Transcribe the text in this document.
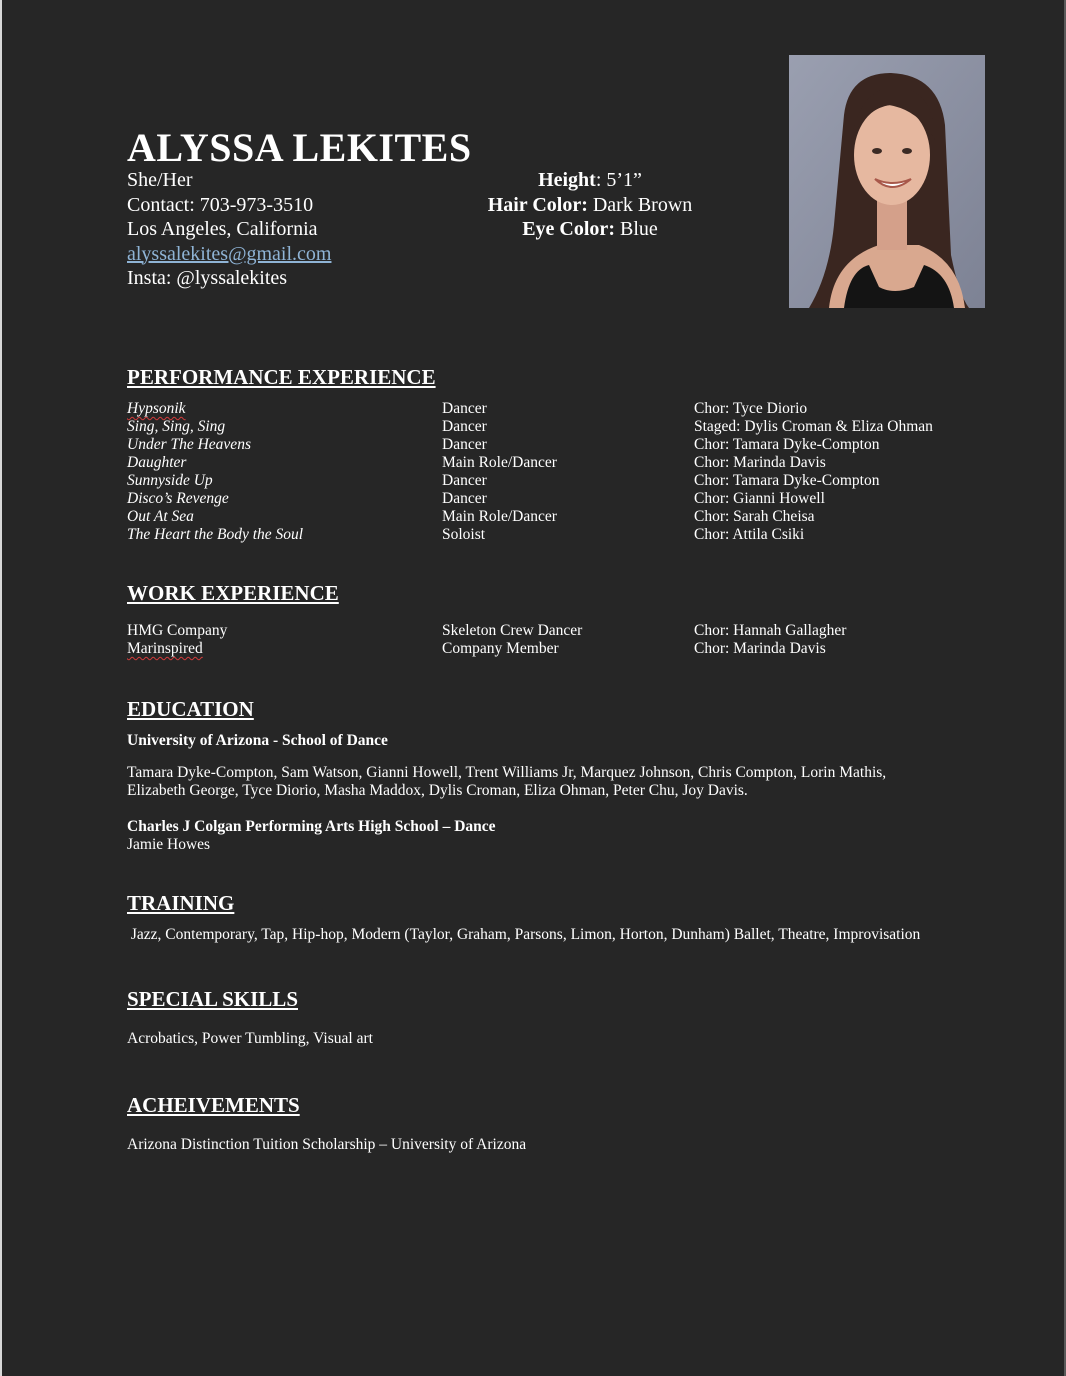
ALYSSA LEKITES
She/Her
Contact: 703-973-3510
Los Angeles, California
alyssalekites@gmail.com
Insta: @lyssalekites
Height: 5’1”
Hair Color: Dark Brown
Eye Color: Blue
PERFORMANCE EXPERIENCE
Hypsonik	Dancer	Chor: Tyce Diorio
Sing, Sing, Sing	Dancer	Staged: Dylis Croman & Eliza Ohman
Under The Heavens	Dancer	Chor: Tamara Dyke-Compton
Daughter	Main Role/Dancer	Chor: Marinda Davis
Sunnyside Up	Dancer	Chor: Tamara Dyke-Compton
Disco’s Revenge	Dancer	Chor: Gianni Howell
Out At Sea	Main Role/Dancer	Chor: Sarah Cheisa
The Heart the Body the Soul	Soloist	Chor: Attila Csiki
WORK EXPERIENCE
HMG Company	Skeleton Crew Dancer	Chor: Hannah Gallagher
Marinspired	Company Member	Chor: Marinda Davis
EDUCATION
University of Arizona - School of Dance
Tamara Dyke-Compton, Sam Watson, Gianni Howell, Trent Williams Jr, Marquez Johnson, Chris Compton, Lorin Mathis,
Elizabeth George, Tyce Diorio, Masha Maddox, Dylis Croman, Eliza Ohman, Peter Chu, Joy Davis.
Charles J Colgan Performing Arts High School – Dance
Jamie Howes
TRAINING
Jazz, Contemporary, Tap, Hip-hop, Modern (Taylor, Graham, Parsons, Limon, Horton, Dunham) Ballet, Theatre, Improvisation
SPECIAL SKILLS
Acrobatics, Power Tumbling, Visual art
ACHEIVEMENTS
Arizona Distinction Tuition Scholarship – University of Arizona
